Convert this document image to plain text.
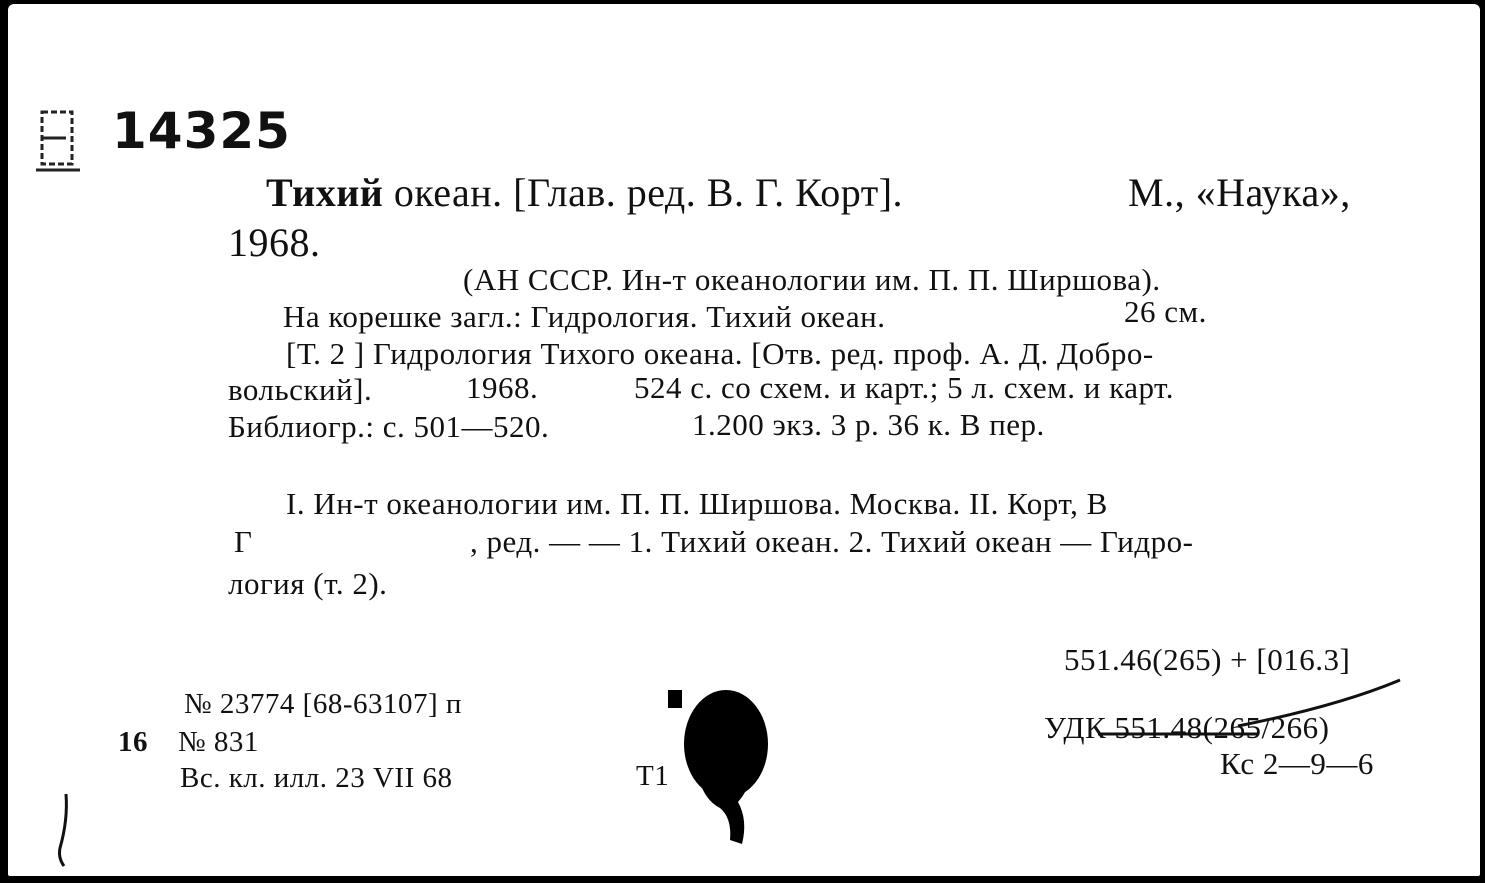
14325
Тихий океан. [Глав. ред. В. Г. Корт].	М., «Наука»,
1968.
(АН СССР. Ин-т океанологии им. П. П. Ширшова).
На корешке загл.: Гидрология. Тихий океан.	26 см.
[Т. 2 ] Гидрология Тихого океана. [Отв. ред. проф. А. Д. Добро-
вольский].	1968.	524 с. со схем. и карт.; 5 л. схем. и карт.
Библиогр.: с. 501—520.	1.200 экз. 3 р. 36 к. В пер.
I. Ин-т океанологии им. П. П. Ширшова. Москва. II. Корт, В
Г	, ред. — — 1. Тихий океан. 2. Тихий океан — Гидро-
логия (т. 2).
551.46(265) + [016.3]
УДК 551.48(265/266)
Кс 2—9—6
№ 23774 [68-63107] п
16 № 831
Вс. кл. илл. 23 VII 68	Т1
